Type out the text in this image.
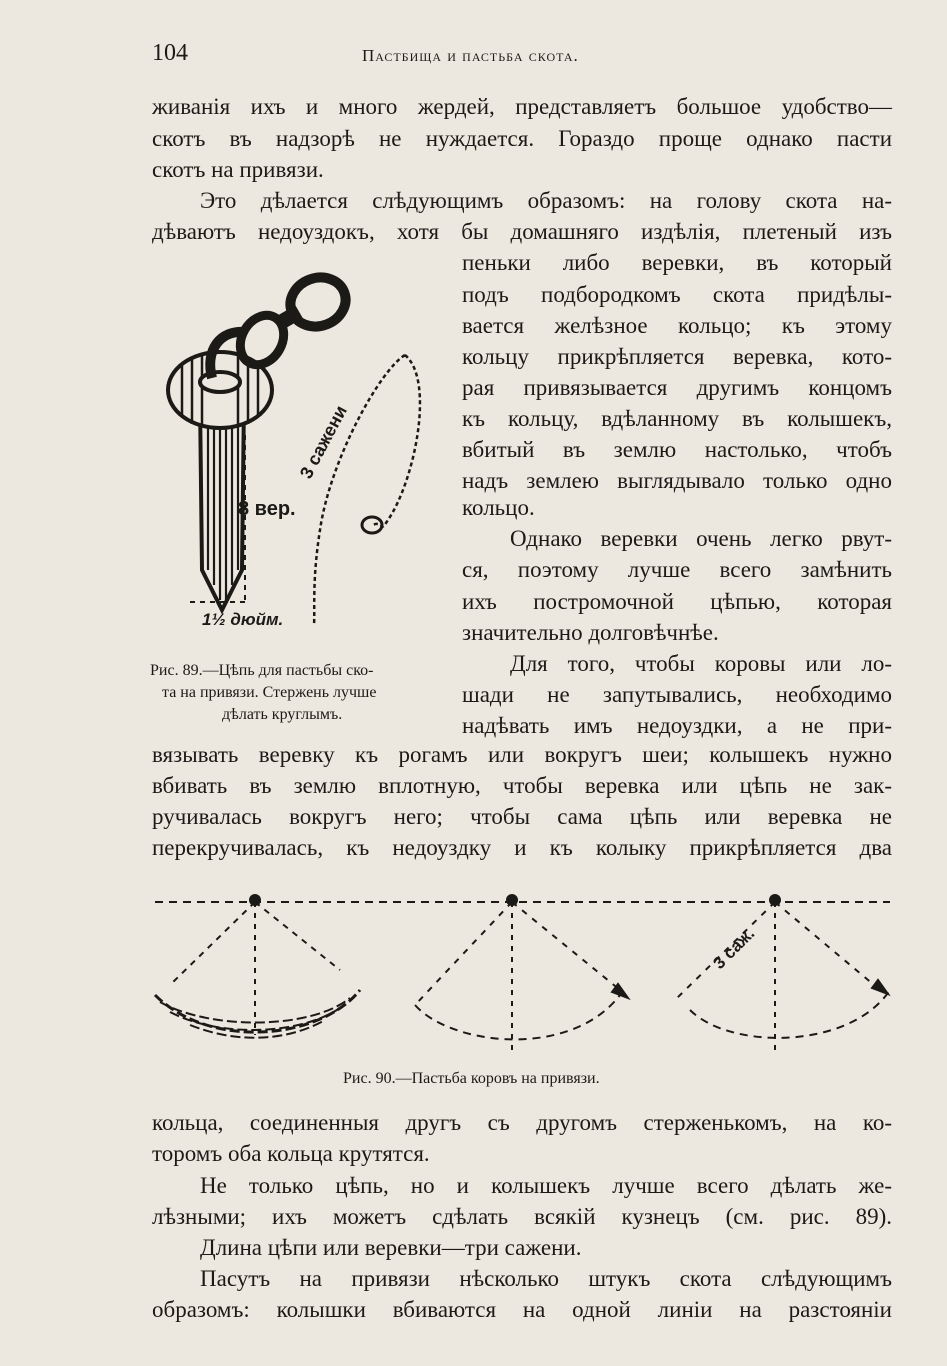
104	Пастбища и пастьба скота.
живанія ихъ и много жердей, представляетъ большое удобство—
скотъ въ надзорѣ не нуждается. Гораздо проще однако пасти
скотъ на привязи.
Это дѣлается слѣдующимъ образомъ: на голову скота на-
дѣваютъ недоуздокъ, хотя бы домашняго издѣлія, плетеный изъ
пеньки либо веревки, въ который
подъ подбородкомъ скота придѣлы-
вается желѣзное кольцо; къ этому
кольцу прикрѣпляется веревка, кото-
рая привязывается другимъ концомъ
къ кольцу, вдѣланному въ колышекъ,
вбитый въ землю настолько, чтобъ
надъ землею выглядывало только одно
кольцо.
Однако веревки очень легко рвут-
ся, поэтому лучше всего замѣнить
ихъ постромочной цѣпью, которая
значительно долговѣчнѣе.
Для того, чтобы коровы или ло-
шади не запутывались, необходимо
надѣвать имъ недоуздки, а не при-
8 вер.
1½ дюйм.
3 сажени
Рис. 89.—Цѣпь для пастьбы ско-
та на привязи. Стержень лучше
дѣлать круглымъ.
вязывать веревку къ рогамъ или вокругъ шеи; колышекъ нужно
вбивать въ землю вплотную, чтобы веревка или цѣпь не зак-
ручивалась вокругъ него; чтобы сама цѣпь или веревка не
перекручивалась, къ недоуздку и къ колыку прикрѣпляется два
3 саж.
Рис. 90.—Пастьба коровъ на привязи.
кольца, соединенныя другъ съ другомъ стерженькомъ, на ко-
торомъ оба кольца крутятся.
Не только цѣпь, но и колышекъ лучше всего дѣлать же-
лѣзными; ихъ можетъ сдѣлать всякій кузнецъ (см. рис. 89).
Длина цѣпи или веревки—три сажени.
Пасутъ на привязи нѣсколько штукъ скота слѣдующимъ
образомъ: колышки вбиваются на одной линіи на разстояніи
